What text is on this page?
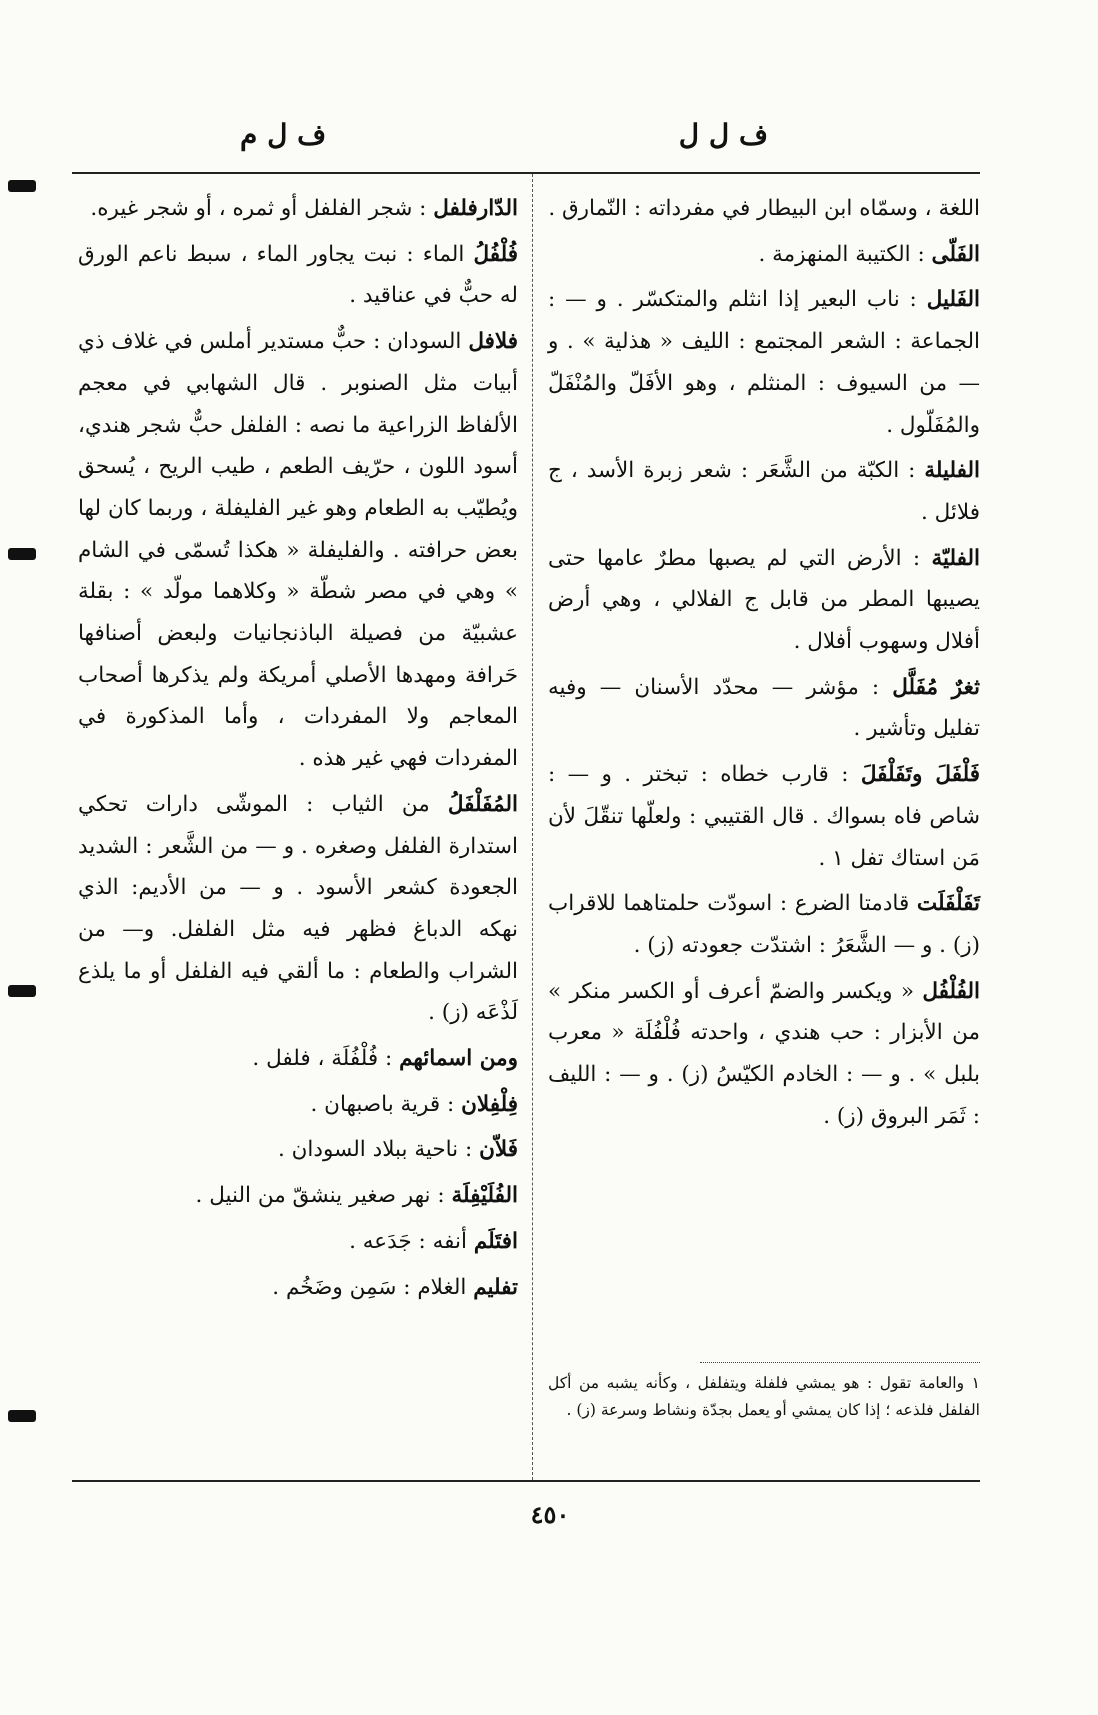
ف ل ل
ف ل م

اللغة ، وسمّاه ابن البيطار في مفرداته : النّمارق .

الفَلّى : الكتيبة المنهزمة .

الفَليل : ناب البعير إذا انثلم والمتكسّر . و — : الجماعة : الشعر المجتمع : الليف « هذلية » . و — من السيوف : المنثلم ، وهو الأفَلّ والمُنْفَلّ والمُفَلّول .

الفليلة : الكبّة من الشَّعَر : شعر زبرة الأسد ، ج فلائل .

الفليّة : الأرض التي لم يصبها مطرٌ عامها حتى يصيبها المطر من قابل ج الفلالي ، وهي أرض أفلال وسهوب أفلال .

ثغرٌ مُفَلَّل : مؤشر — محدّد الأسنان — وفيه تفليل وتأشير .

فَلْفَلَ وتَفَلْفَلَ : قارب خطاه : تبختر . و — : شاص فاه بسواك . قال القتيبي : ولعلّها تنقّلَ لأن مَن استاك تفل ١ .

تَفَلْفَلَت قادمتا الضرع : اسودّت حلمتاهما للاقراب (ز) . و — الشَّعَرُ : اشتدّت جعودته (ز) .

الفُلْفُل « ويكسر والضمّ أعرف أو الكسر منكر » من الأبزار : حب هندي ، واحدته فُلْفُلَة « معرب بلبل » . و — : الخادم الكيّسُ (ز) . و — : الليف : ثَمَر البروق (ز) .

١ والعامة تقول : هو يمشي فلفلة ويتفلفل ، وكأنه يشبه من أكل الفلفل فلذعه ؛ إذا كان يمشي أو يعمل بجدّة ونشاط وسرعة (ز) .

الدّارفلفل : شجر الفلفل أو ثمره ، أو شجر غيره.

فُلْفُلُ الماء : نبت يجاور الماء ، سبط ناعم الورق له حبٌّ في عناقيد .

فلافل السودان : حبٌّ مستدير أملس في غلاف ذي أبيات مثل الصنوبر . قال الشهابي في معجم الألفاظ الزراعية ما نصه : الفلفل حبٌّ شجر هندي، أسود اللون ، حرّيف الطعم ، طيب الريح ، يُسحق ويُطيّب به الطعام وهو غير الفليفلة ، وربما كان لها بعض حرافته . والفليفلة « هكذا تُسمّى في الشام » وهي في مصر شطّة « وكلاهما مولّد » : بقلة عشبيّة من فصيلة الباذنجانيات ولبعض أصنافها حَرافة ومهدها الأصلي أمريكة ولم يذكرها أصحاب المعاجم ولا المفردات ، وأما المذكورة في المفردات فهي غير هذه .

المُفَلْفَلُ من الثياب : الموشّى دارات تحكي استدارة الفلفل وصغره . و — من الشَّعر : الشديد الجعودة كشعر الأسود . و — من الأديم: الذي نهكه الدباغ فظهر فيه مثل الفلفل. و— من الشراب والطعام : ما ألقي فيه الفلفل أو ما يلذع لَذْعَه (ز) .

ومن اسمائهم : فُلْفُلَة ، فلفل .

فِلْفِلان : قرية باصبهان .

فَلاّن : ناحية ببلاد السودان .

الفُلَيْفِلَة : نهر صغير ينشقّ من النيل .

افتَلَم أنفه : جَدَعه .

تفليم الغلام : سَمِن وضَخُم .

٤٥٠
